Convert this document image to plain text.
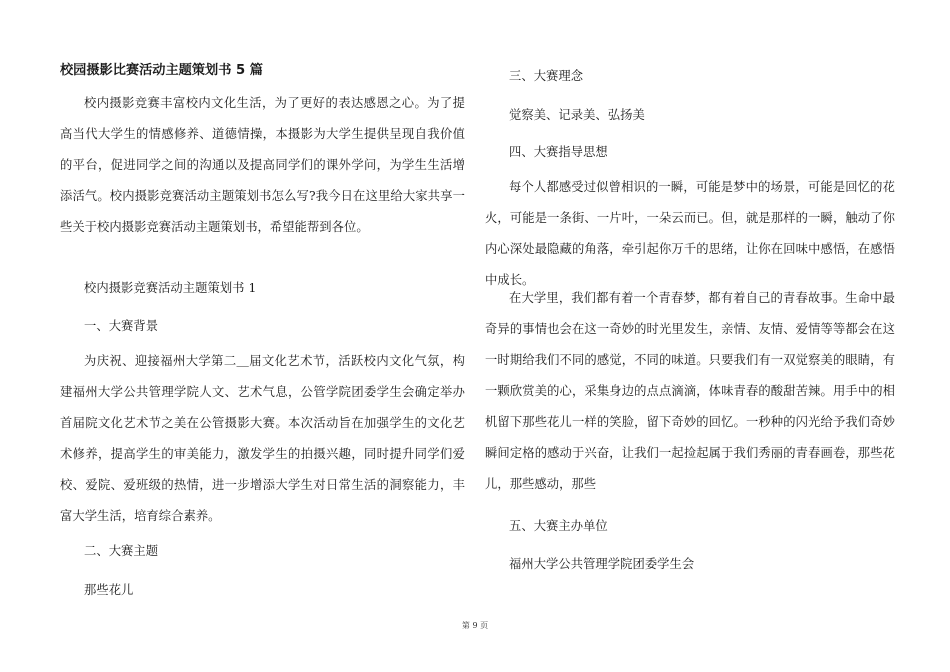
校园摄影比赛活动主题策划书 5 篇

校内摄影竞赛丰富校内文化生活，为了更好的表达感恩之心。为了提高当代大学生的情感修养、道德情操，本摄影为大学生提供呈现自我价值的平台，促进同学之间的沟通以及提高同学们的课外学问，为学生生活增添活气。校内摄影竞赛活动主题策划书怎么写?我今日在这里给大家共享一些关于校内摄影竞赛活动主题策划书，希望能帮到各位。

校内摄影竞赛活动主题策划书 1

一、大赛背景

为庆祝、迎接福州大学第二＿届文化艺术节，活跃校内文化气氛，构建福州大学公共管理学院人文、艺术气息，公管学院团委学生会确定举办首届院文化艺术节之美在公管摄影大赛。本次活动旨在加强学生的文化艺术修养，提高学生的审美能力，激发学生的拍摄兴趣，同时提升同学们爱校、爱院、爱班级的热情，进一步增添大学生对日常生活的洞察能力，丰富大学生活，培育综合素养。

二、大赛主题

那些花儿

三、大赛理念

觉察美、记录美、弘扬美

四、大赛指导思想

每个人都感受过似曾相识的一瞬，可能是梦中的场景，可能是回忆的花火，可能是一条街、一片叶，一朵云而已。但，就是那样的一瞬，触动了你内心深处最隐藏的角落，牵引起你万千的思绪，让你在回味中感悟，在感悟中成长。

在大学里，我们都有着一个青春梦，都有着自己的青春故事。生命中最奇异的事情也会在这一奇妙的时光里发生，亲情、友情、爱情等等都会在这一时期给我们不同的感觉，不同的味道。只要我们有一双觉察美的眼睛，有一颗欣赏美的心，采集身边的点点滴滴，体味青春的酸甜苦辣。用手中的相机留下那些花儿一样的笑脸，留下奇妙的回忆。一秒种的闪光给予我们奇妙瞬间定格的感动于兴奋，让我们一起捡起属于我们秀丽的青春画卷，那些花儿，那些感动，那些

五、大赛主办单位

福州大学公共管理学院团委学生会

第 9 页
